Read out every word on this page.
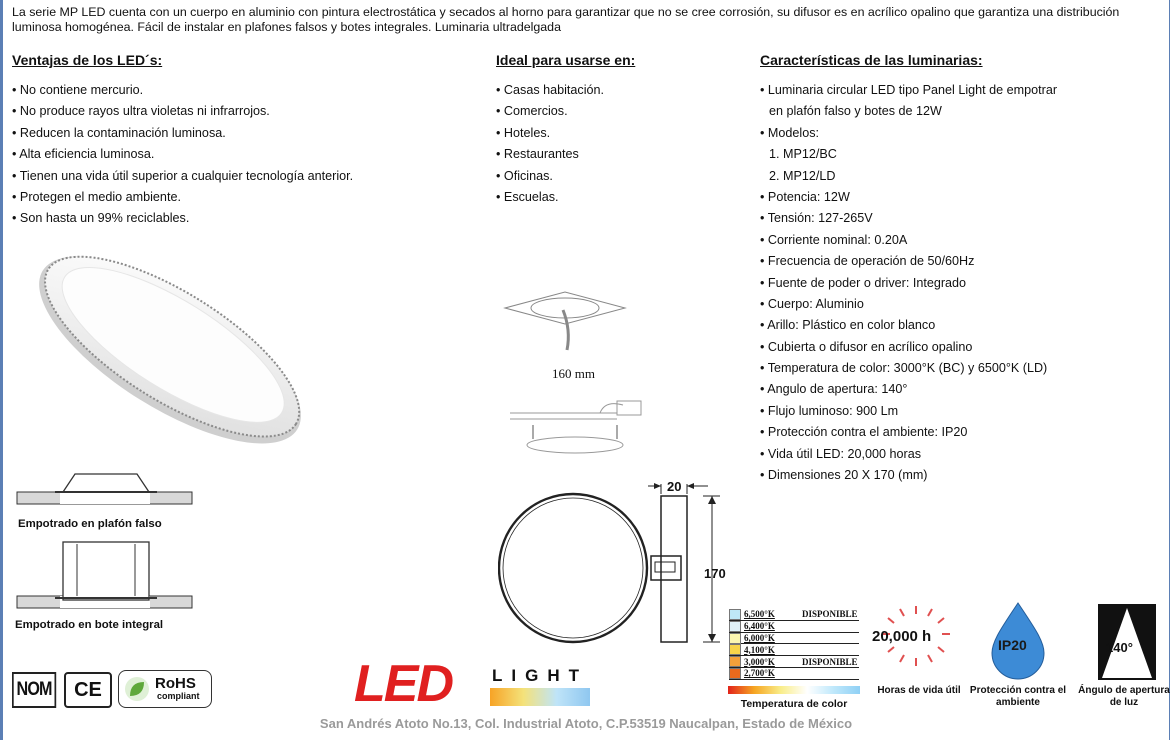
La serie MP LED cuenta con un cuerpo en aluminio con pintura electrostática y secados al horno para garantizar que no se cree corrosión, su difusor es en acrílico opalino que garantiza una distribución luminosa homogénea. Fácil de instalar en plafones falsos y botes integrales. Luminaria ultradelgada
Ventajas de los LED´s:
• No contiene mercurio.
• No produce rayos ultra violetas ni infrarrojos.
• Reducen la contaminación luminosa.
• Alta eficiencia luminosa.
• Tienen una vida útil superior a cualquier tecnología anterior.
• Protegen el medio ambiente.
• Son hasta un 99% reciclables.
Ideal para usarse en:
• Casas habitación.
• Comercios.
• Hoteles.
• Restaurantes
• Oficinas.
• Escuelas.
Características de las luminarias:
• Luminaria circular LED tipo Panel Light de empotrar
en plafón falso y botes de 12W
• Modelos:
1. MP12/BC
2. MP12/LD
• Potencia: 12W
• Tensión: 127-265V
• Corriente nominal: 0.20A
• Frecuencia de operación de 50/60Hz
• Fuente de poder o driver: Integrado
• Cuerpo: Aluminio
• Arillo: Plástico en color blanco
• Cubierta o difusor en acrílico opalino
• Temperatura de color: 3000°K (BC) y 6500°K (LD)
• Angulo de apertura: 140°
• Flujo luminoso: 900 Lm
• Protección contra el ambiente: IP20
• Vida útil LED: 20,000 horas
• Dimensiones 20 X 170 (mm)
Empotrado en plafón falso
Empotrado en bote integral
160 mm
20
170
NOM	CE	RoHS
compliant	LED LIGHT
6,500°K	DISPONIBLE
6,400°K
6,000°K
4,100°K
3,000°K	DISPONIBLE
2,700°K
Temperatura de color
20,000 h
Horas de vida útil
IP20
Protección contra el ambiente
140°
Ángulo de apertura de luz
San Andrés Atoto No.13, Col. Industrial Atoto, C.P.53519 Naucalpan, Estado de México
